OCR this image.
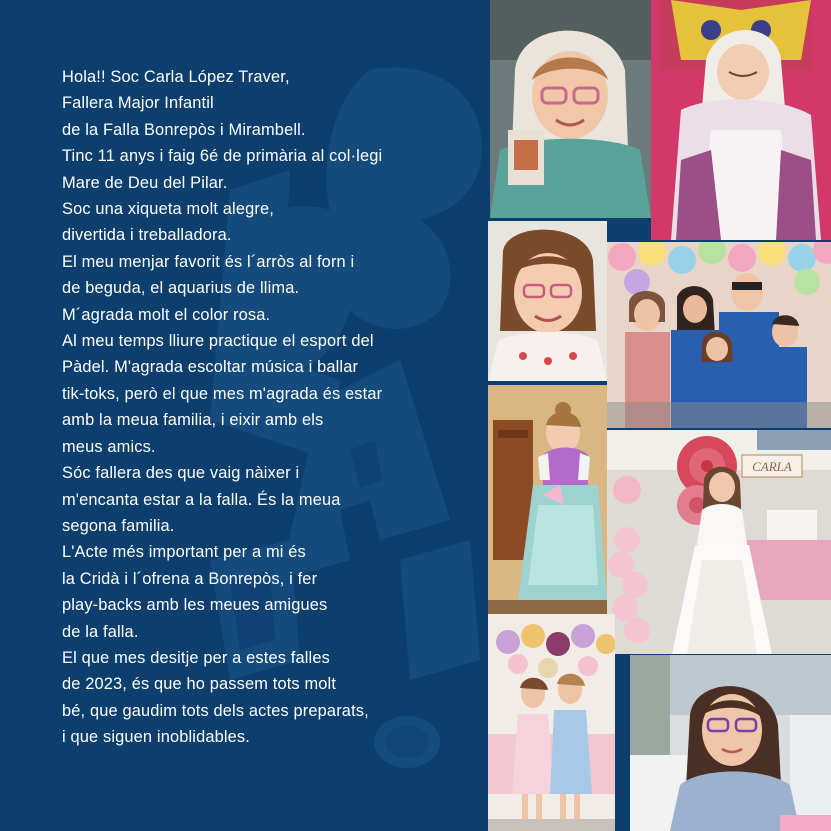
Hola!! Soc Carla López Traver,
Fallera Major Infantil
de la Falla Bonrepòs i Mirambell.
Tinc 11 anys i faig 6é de primària al col·legi
Mare de Deu del Pilar.
Soc una xiqueta molt alegre,
divertida i treballadora.
El meu menjar favorit és l´arròs al forn i
de beguda, el aquarius de llima.
M´agrada molt el color rosa.
Al meu temps lliure practique el esport del
Pàdel. M'agrada escoltar música i ballar
tik-toks, però el que mes m'agrada és estar
amb la meua familia, i eixir amb els
meus amics.
Sóc fallera des que vaig nàixer i
m'encanta estar a la falla. És la meua
segona familia.
L'Acte més important per a mi és
la Cridà i l´ofrena a Bonrepòs, i fer
play-backs amb les meues amigues
de la falla.
El que mes desitje per a estes falles
de 2023, és que ho passem tots molt
bé, que gaudim tots dels actes preparats,
i que siguen inoblidables.
CARLA
